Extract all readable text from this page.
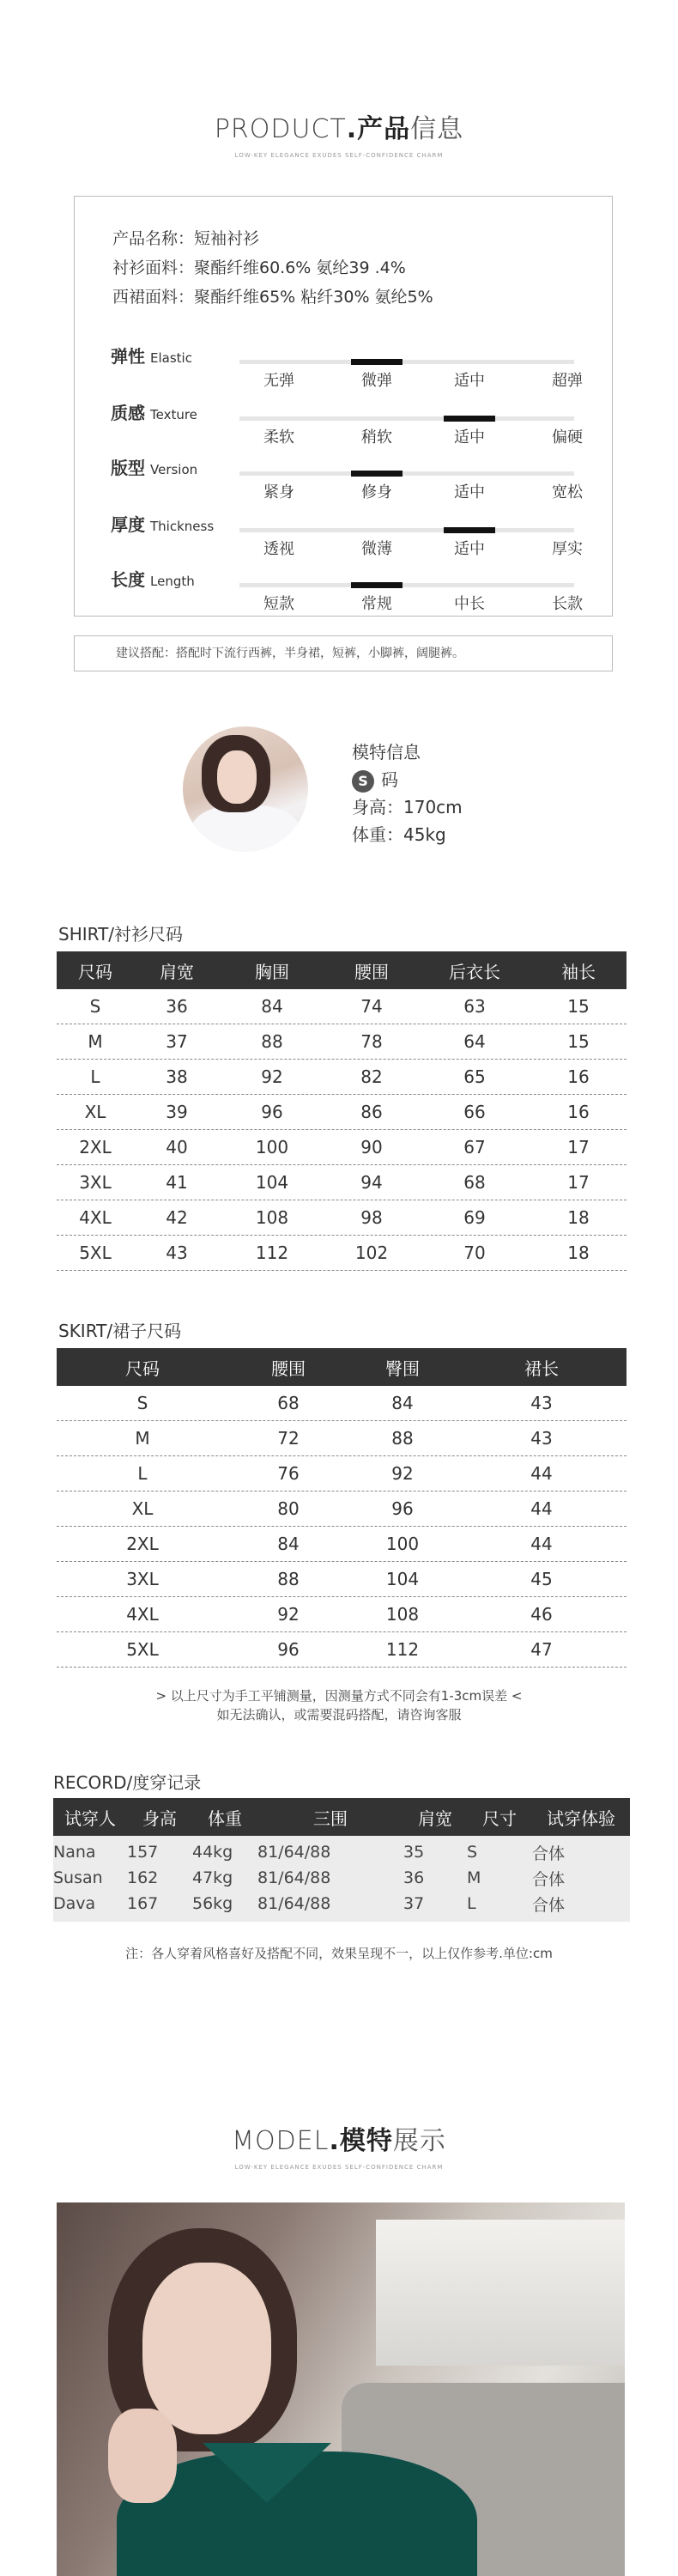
PRODUCT.产品信息
LOW-KEY ELEGANCE EXUDES SELF-CONFIDENCE CHARM
产品名称：短袖衬衫
衬衫面料：聚酯纤维60.6% 氨纶39 .4%
西裙面料：聚酯纤维65% 粘纤30% 氨纶5%
弹性 Elastic
无弹	微弹	适中	超弹
质感 Texture
柔软	稍软	适中	偏硬
版型 Version
紧身	修身	适中	宽松
厚度 Thickness
透视	微薄	适中	厚实
长度 Length
短款	常规	中长	长款
建议搭配：搭配时下流行西裤，半身裙，短裤，小脚裤，阔腿裤。
模特信息
S 码
身高：170cm
体重：45kg
SHIRT/衬衫尺码
尺码	肩宽	胸围	腰围	后衣长	袖长
S	36	84	74	63	15
M	37	88	78	64	15
L	38	92	82	65	16
XL	39	96	86	66	16
2XL	40	100	90	67	17
3XL	41	104	94	68	17
4XL	42	108	98	69	18
5XL	43	112	102	70	18
SKIRT/裙子尺码
尺码	腰围	臀围	裙长
S	68	84	43
M	72	88	43
L	76	92	44
XL	80	96	44
2XL	84	100	44
3XL	88	104	45
4XL	92	108	46
5XL	96	112	47
> 以上尺寸为手工平铺测量，因测量方式不同会有1-3cm误差 <
如无法确认，或需要混码搭配，请咨询客服
RECORD/度穿记录
试穿人	身高	体重	三围	肩宽	尺寸	试穿体验
Nana	157	44kg	81/64/88	35	S	合体
Susan	162	47kg	81/64/88	36	M	合体
Dava	167	56kg	81/64/88	37	L	合体
注：各人穿着风格喜好及搭配不同，效果呈现不一，以上仅作参考.单位:cm
MODEL.模特展示
LOW-KEY ELEGANCE EXUDES SELF-CONFIDENCE CHARM
